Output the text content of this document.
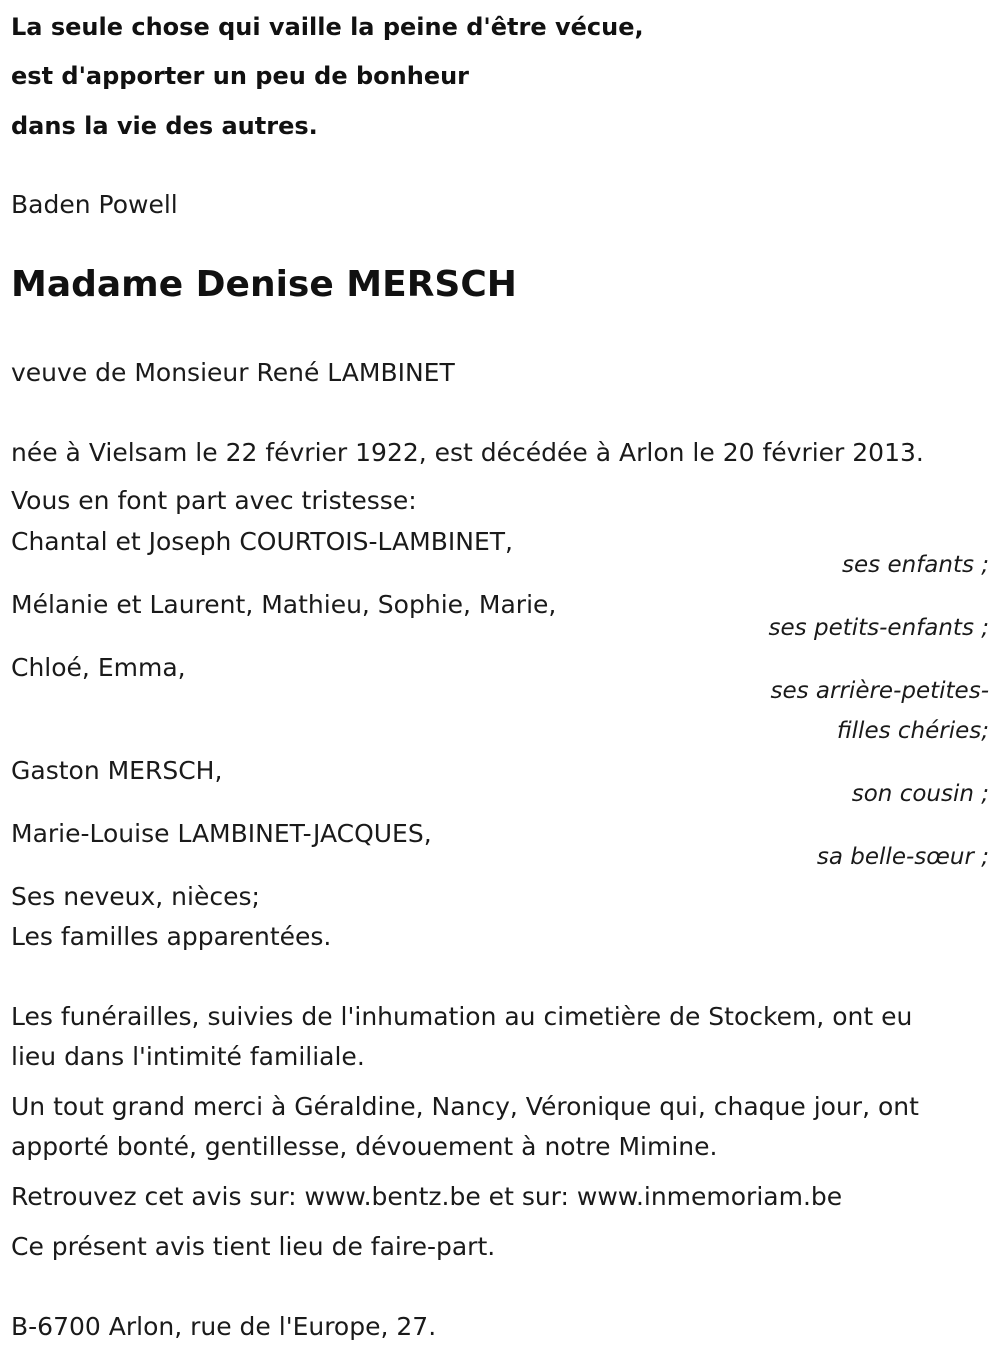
La seule chose qui vaille la peine d'être vécue,
est d'apporter un peu de bonheur
dans la vie des autres.
Baden Powell
Madame Denise MERSCH
veuve de Monsieur René LAMBINET
née à Vielsam le 22 février 1922, est décédée à Arlon le 20 février 2013.
Vous en font part avec tristesse:
Chantal et Joseph COURTOIS-LAMBINET,
ses enfants ;
Mélanie et Laurent, Mathieu, Sophie, Marie,
ses petits-enfants ;
Chloé, Emma,
ses arrière-petites-
filles chéries;
Gaston MERSCH,
son cousin ;
Marie-Louise LAMBINET-JACQUES,
sa belle-sœur ;
Ses neveux, nièces;
Les familles apparentées.
Les funérailles, suivies de l'inhumation au cimetière de Stockem, ont eu
lieu dans l'intimité familiale.
Un tout grand merci à Géraldine, Nancy, Véronique qui, chaque jour, ont
apporté bonté, gentillesse, dévouement à notre Mimine.
Retrouvez cet avis sur: www.bentz.be et sur: www.inmemoriam.be
Ce présent avis tient lieu de faire-part.
B-6700 Arlon, rue de l'Europe, 27.
